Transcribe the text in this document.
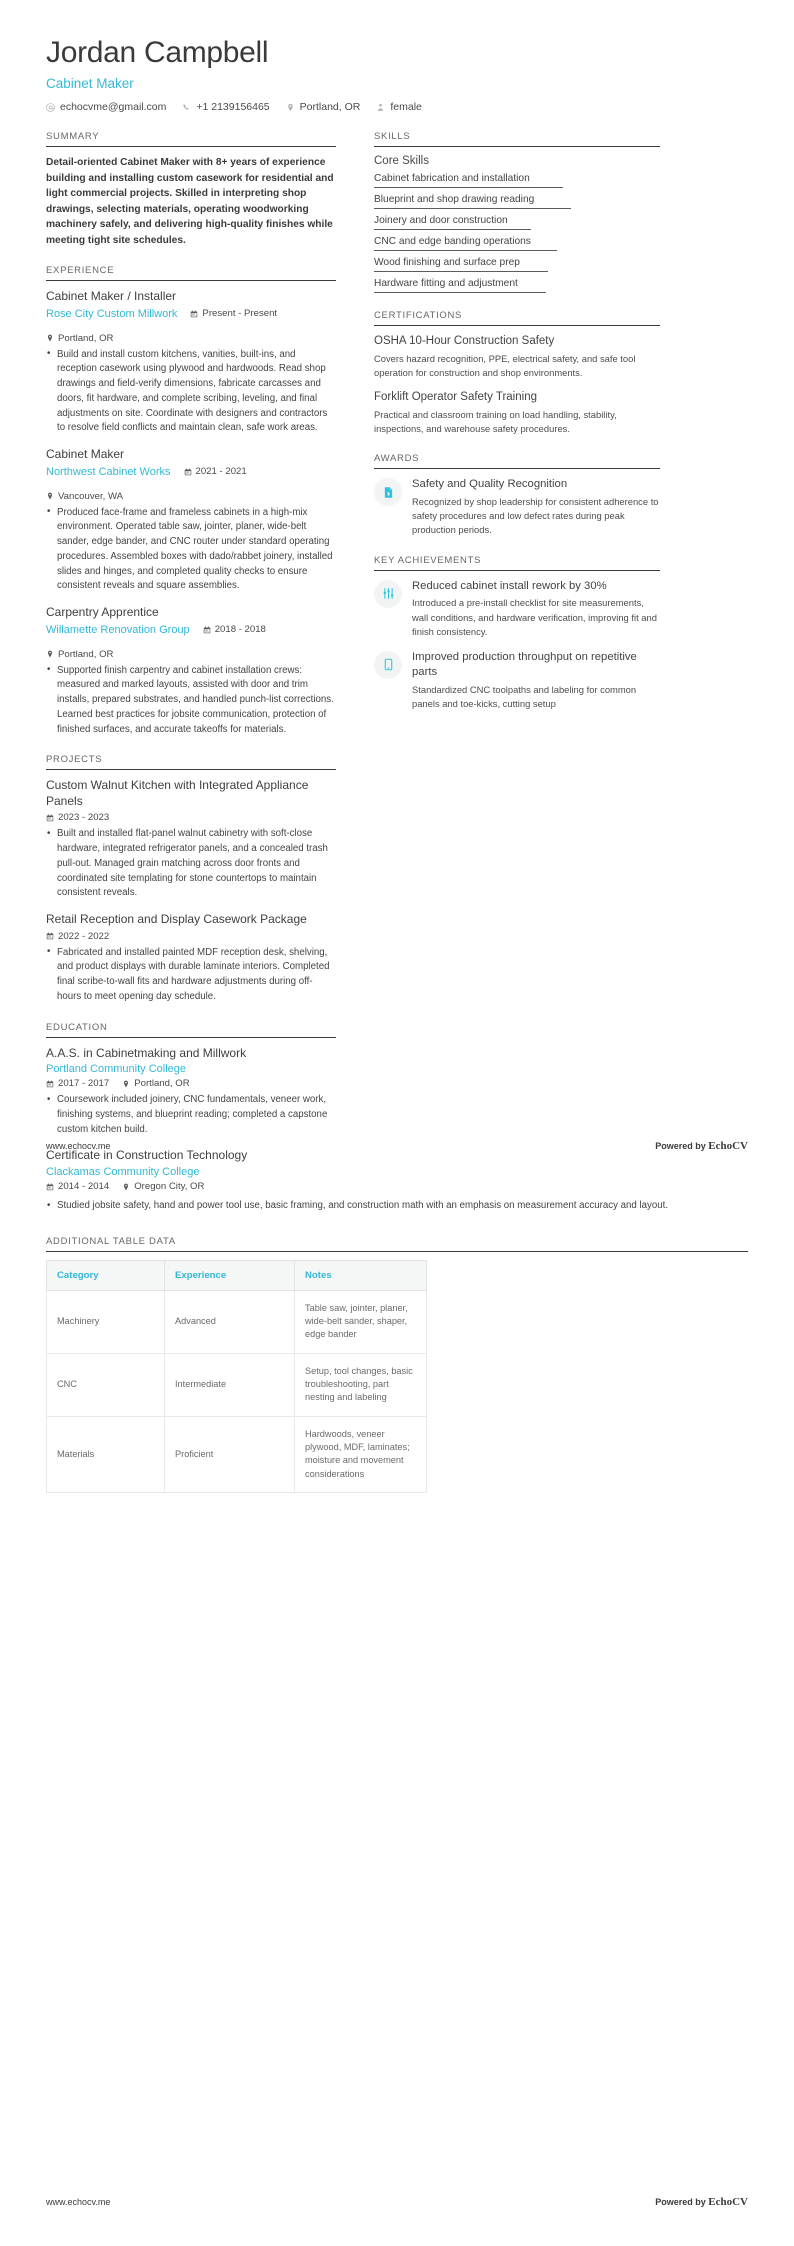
Jordan Campbell
Cabinet Maker
echocvme@gmail.com	+1 2139156465	Portland, OR	female
SUMMARY
Detail-oriented Cabinet Maker with 8+ years of experience building and installing custom casework for residential and light commercial projects. Skilled in interpreting shop drawings, selecting materials, operating woodworking machinery safely, and delivering high-quality finishes while meeting tight site schedules.
EXPERIENCE
Cabinet Maker / Installer
Rose City Custom Millwork	Present - Present
Portland, OR
• Build and install custom kitchens, vanities, built-ins, and reception casework using plywood and hardwoods. Read shop drawings and field-verify dimensions, fabricate carcasses and doors, fit hardware, and complete scribing, leveling, and final adjustments on site. Coordinate with designers and contractors to resolve field conflicts and maintain clean, safe work areas.
Cabinet Maker
Northwest Cabinet Works	2021 - 2021
Vancouver, WA
• Produced face-frame and frameless cabinets in a high-mix environment. Operated table saw, jointer, planer, wide-belt sander, edge bander, and CNC router under standard operating procedures. Assembled boxes with dado/rabbet joinery, installed slides and hinges, and completed quality checks to ensure consistent reveals and square assemblies.
Carpentry Apprentice
Willamette Renovation Group	2018 - 2018
Portland, OR
• Supported finish carpentry and cabinet installation crews: measured and marked layouts, assisted with door and trim installs, prepared substrates, and handled punch-list corrections. Learned best practices for jobsite communication, protection of finished surfaces, and accurate takeoffs for materials.
PROJECTS
Custom Walnut Kitchen with Integrated Appliance Panels
2023 - 2023
• Built and installed flat-panel walnut cabinetry with soft-close hardware, integrated refrigerator panels, and a concealed trash pull-out. Managed grain matching across door fronts and coordinated site templating for stone countertops to maintain consistent reveals.
Retail Reception and Display Casework Package
2022 - 2022
• Fabricated and installed painted MDF reception desk, shelving, and product displays with durable laminate interiors. Completed final scribe-to-wall fits and hardware adjustments during off-hours to meet opening day schedule.
EDUCATION
A.A.S. in Cabinetmaking and Millwork
Portland Community College
2017 - 2017	Portland, OR
• Coursework included joinery, CNC fundamentals, veneer work, finishing systems, and blueprint reading; completed a capstone custom kitchen build.
Certificate in Construction Technology
Clackamas Community College
2014 - 2014	Oregon City, OR
SKILLS
Core Skills
Cabinet fabrication and installation
Blueprint and shop drawing reading
Joinery and door construction
CNC and edge banding operations
Wood finishing and surface prep
Hardware fitting and adjustment
CERTIFICATIONS
OSHA 10-Hour Construction Safety
Covers hazard recognition, PPE, electrical safety, and safe tool operation for construction and shop environments.
Forklift Operator Safety Training
Practical and classroom training on load handling, stability, inspections, and warehouse safety procedures.
AWARDS
Safety and Quality Recognition
Recognized by shop leadership for consistent adherence to safety procedures and low defect rates during peak production periods.
KEY ACHIEVEMENTS
Reduced cabinet install rework by 30%
Introduced a pre-install checklist for site measurements, wall conditions, and hardware verification, improving fit and finish consistency.
Improved production throughput on repetitive parts
Standardized CNC toolpaths and labeling for common panels and toe-kicks, cutting setup
www.echocv.me	Powered by EchoCV
• Studied jobsite safety, hand and power tool use, basic framing, and construction math with an emphasis on measurement accuracy and layout.
ADDITIONAL TABLE DATA
Category	Experience	Notes
Machinery	Advanced	Table saw, jointer, planer, wide-belt sander, shaper, edge bander
CNC	Intermediate	Setup, tool changes, basic troubleshooting, part nesting and labeling
Materials	Proficient	Hardwoods, veneer plywood, MDF, laminates; moisture and movement considerations
www.echocv.me	Powered by EchoCV
